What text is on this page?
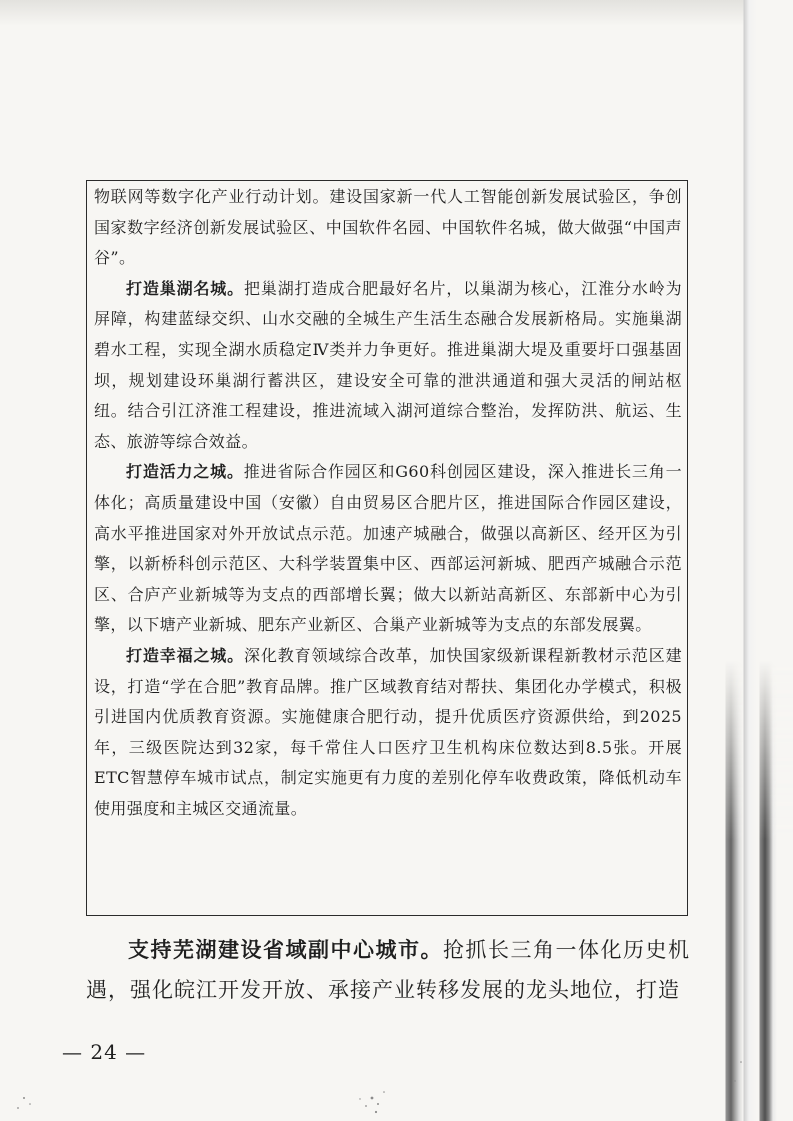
物联网等数字化产业行动计划。建设国家新一代人工智能创新发展试验区，争创国家数字经济创新发展试验区、中国软件名园、中国软件名城，做大做强“中国声谷”。

打造巢湖名城。把巢湖打造成合肥最好名片，以巢湖为核心，江淮分水岭为屏障，构建蓝绿交织、山水交融的全城生产生活生态融合发展新格局。实施巢湖碧水工程，实现全湖水质稳定Ⅳ类并力争更好。推进巢湖大堤及重要圩口强基固坝，规划建设环巢湖行蓄洪区，建设安全可靠的泄洪通道和强大灵活的闸站枢纽。结合引江济淮工程建设，推进流域入湖河道综合整治，发挥防洪、航运、生态、旅游等综合效益。

打造活力之城。推进省际合作园区和G60科创园区建设，深入推进长三角一体化；高质量建设中国（安徽）自由贸易区合肥片区，推进国际合作园区建设，高水平推进国家对外开放试点示范。加速产城融合，做强以高新区、经开区为引擎，以新桥科创示范区、大科学装置集中区、西部运河新城、肥西产城融合示范区、合庐产业新城等为支点的西部增长翼；做大以新站高新区、东部新中心为引擎，以下塘产业新城、肥东产业新区、合巢产业新城等为支点的东部发展翼。

打造幸福之城。深化教育领域综合改革，加快国家级新课程新教材示范区建设，打造“学在合肥”教育品牌。推广区域教育结对帮扶、集团化办学模式，积极引进国内优质教育资源。实施健康合肥行动，提升优质医疗资源供给，到2025年，三级医院达到32家，每千常住人口医疗卫生机构床位数达到8.5张。开展ETC智慧停车城市试点，制定实施更有力度的差别化停车收费政策，降低机动车使用强度和主城区交通流量。

支持芜湖建设省域副中心城市。抢抓长三角一体化历史机遇，强化皖江开发开放、承接产业转移发展的龙头地位，打造

— 24 —
